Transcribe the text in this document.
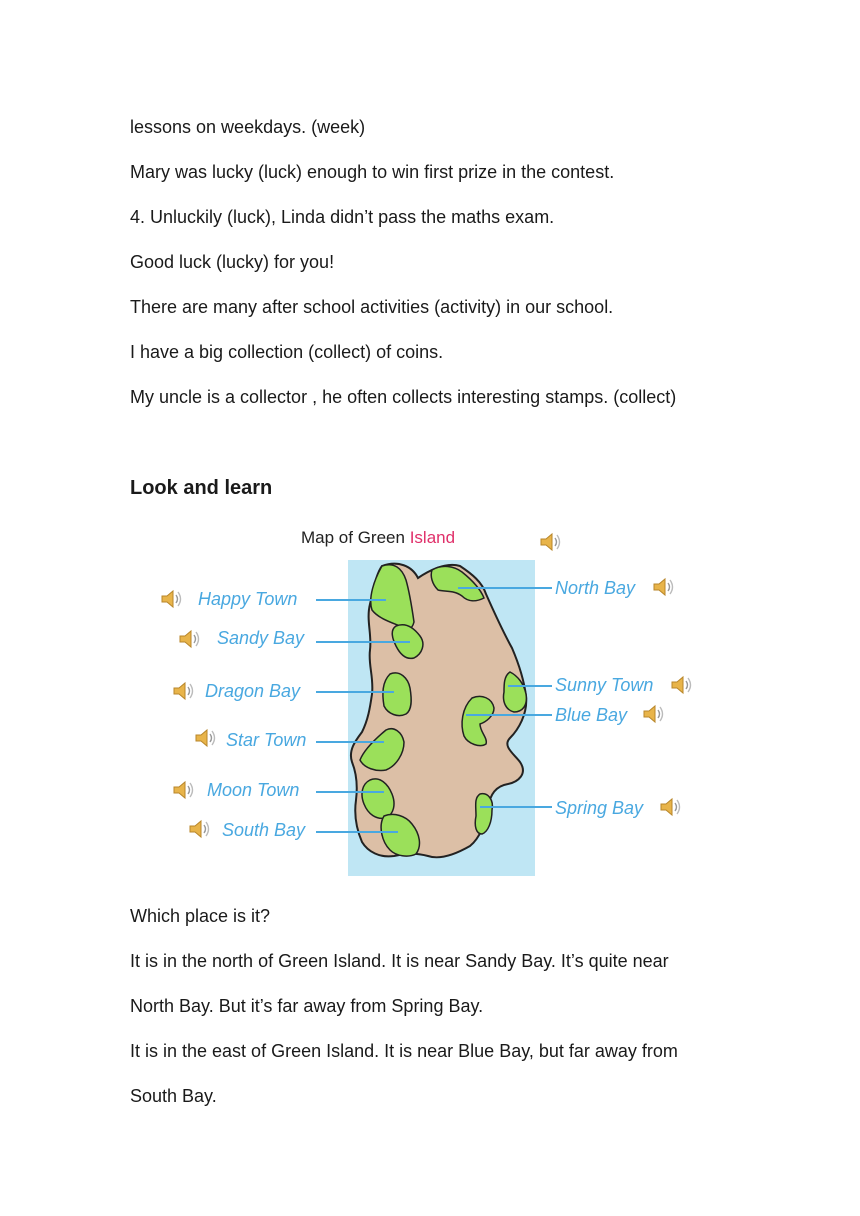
lessons on weekdays. (week)
Mary was lucky (luck) enough to win first prize in the contest.
4. Unluckily (luck), Linda didn’t pass the maths exam.
Good luck (lucky) for you!
There are many after school activities (activity) in our school.
I have a big collection (collect) of coins.
My uncle is a collector , he often collects interesting stamps. (collect)
Look and learn
Map of Green Island
Happy Town
Sandy Bay
Dragon Bay
Star Town
Moon Town
South Bay
North Bay
Sunny Town
Blue Bay
Spring Bay
Which place is it?
It is in the north of Green Island. It is near Sandy Bay. It’s quite near
North Bay. But it’s far away from Spring Bay.
It is in the east of Green Island. It is near Blue Bay, but far away from
South Bay.
